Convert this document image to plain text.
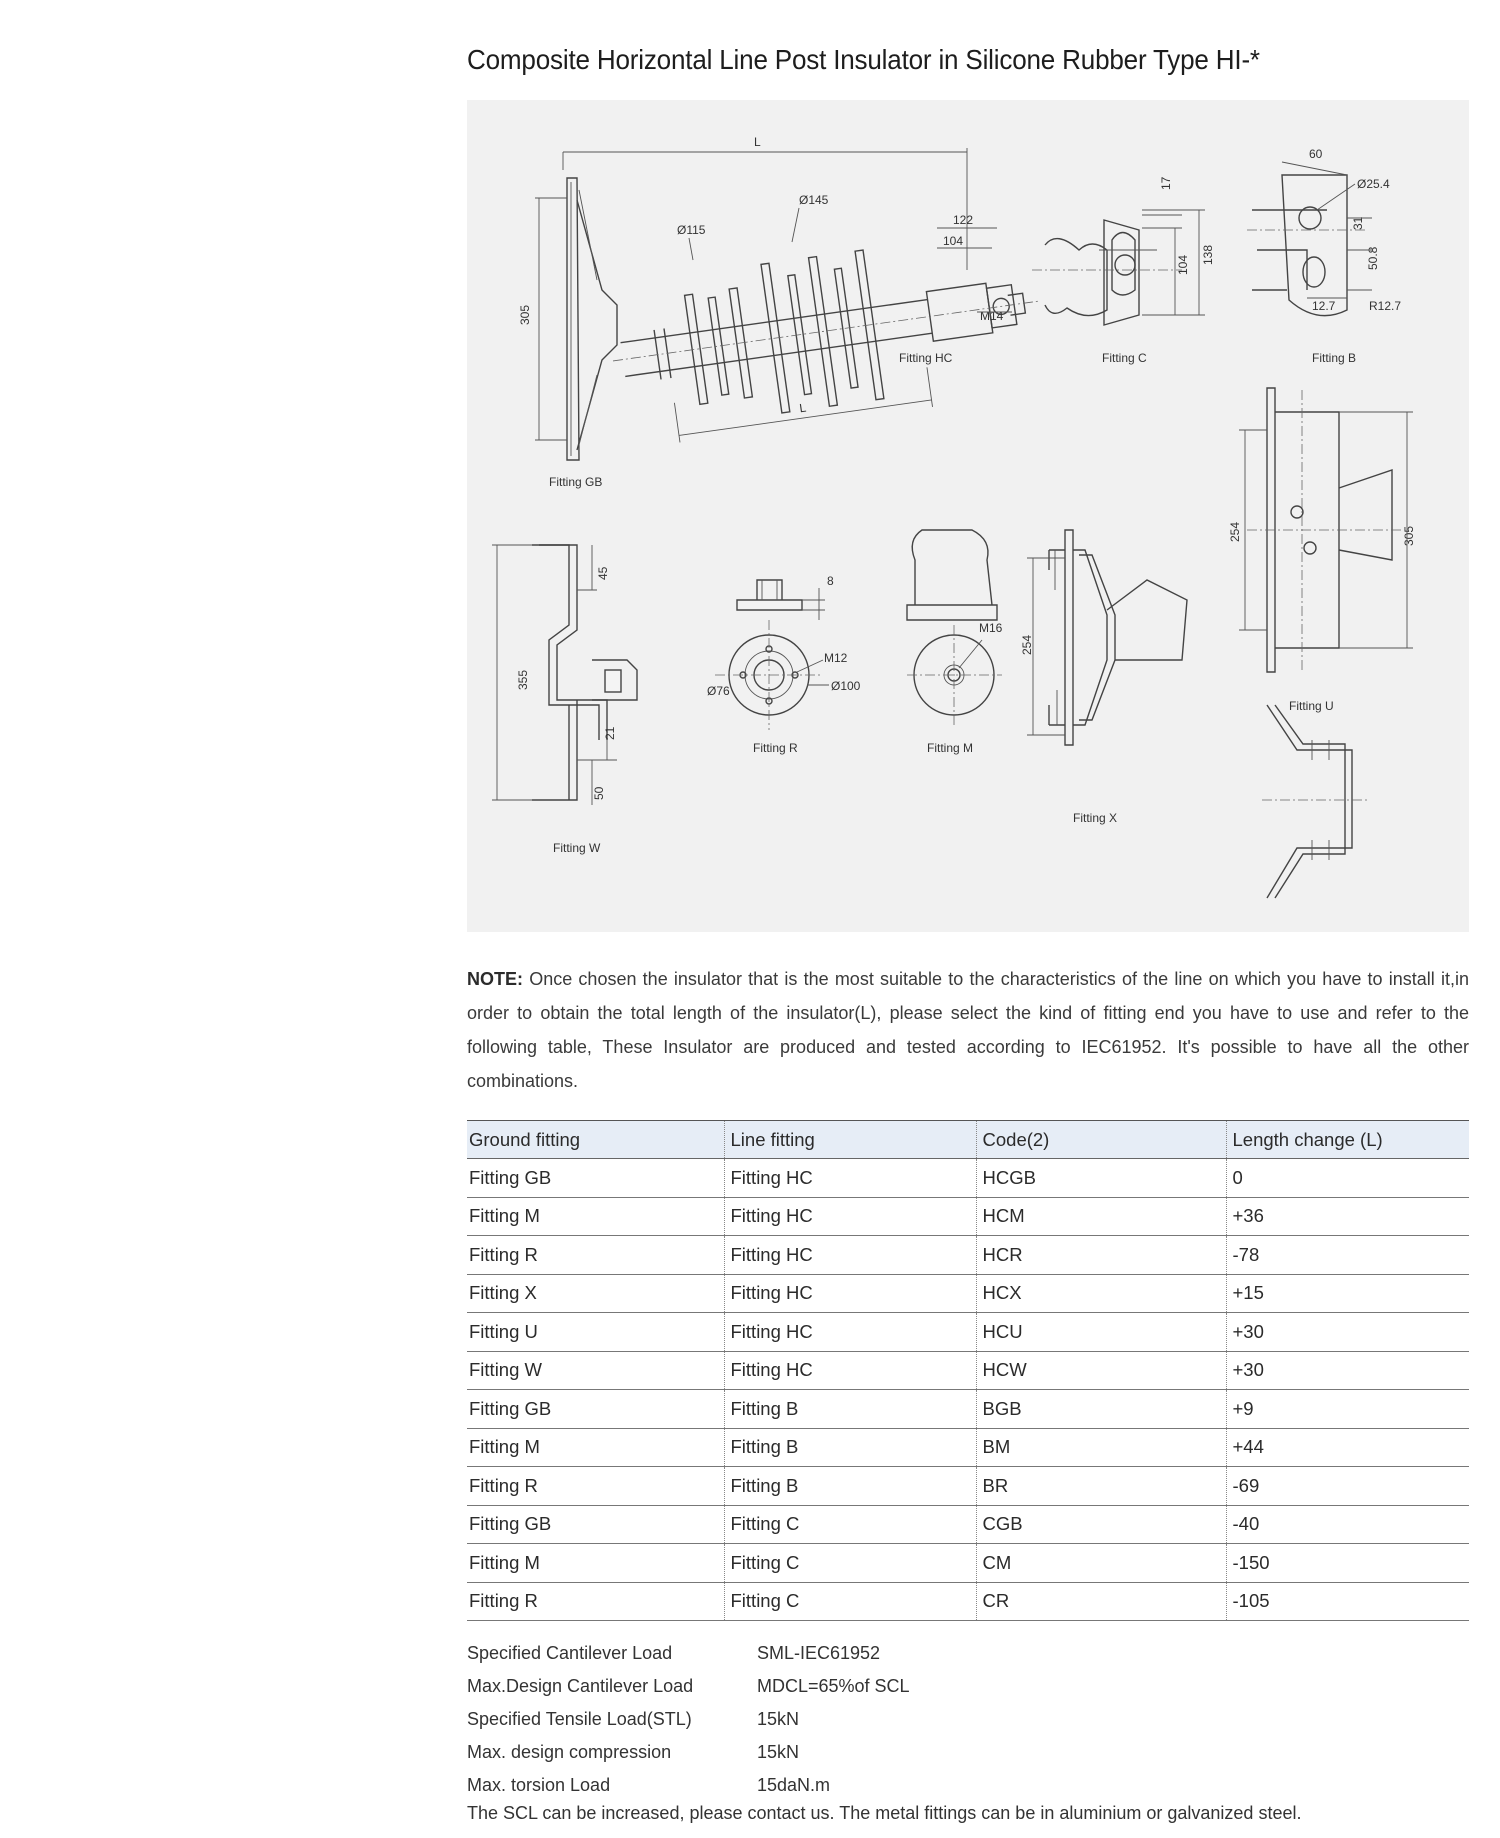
Composite Horizontal Line Post Insulator in Silicone Rubber Type HI-*
305
L
L
Ø145
Ø115
122
104
M14
Fitting HC
Fitting GB
17
104 138
Fitting C
60
Ø25.4
31
50.8
12.7	R12.7
Fitting B
254	305
Fitting U
355
45
21
50
Fitting W
8
M12
Ø100
Ø76
Fitting R
M16
Fitting M
254
Fitting X

NOTE: Once chosen the insulator that is the most suitable to the characteristics of the line on which you have to install it,in order to obtain the total length of the insulator(L), please select the kind of fitting end you have to use and refer to the following table, These Insulator are produced and tested according to IEC61952. It's possible to have all the other combinations.

Ground fitting	Line fitting	Code(2)	Length change (L)
Fitting GB	Fitting HC	HCGB	0
Fitting M	Fitting HC	HCM	+36
Fitting R	Fitting HC	HCR	-78
Fitting X	Fitting HC	HCX	+15
Fitting U	Fitting HC	HCU	+30
Fitting W	Fitting HC	HCW	+30
Fitting GB	Fitting B	BGB	+9
Fitting M	Fitting B	BM	+44
Fitting R	Fitting B	BR	-69
Fitting GB	Fitting C	CGB	-40
Fitting M	Fitting C	CM	-150
Fitting R	Fitting C	CR	-105
Specified Cantilever Load	SML-IEC61952
Max.Design Cantilever Load	MDCL=65%of SCL
Specified Tensile Load(STL)	15kN
Max. design compression	15kN
Max. torsion Load	15daN.m

The SCL can be increased, please contact us. The metal fittings can be in aluminium or galvanized steel.
